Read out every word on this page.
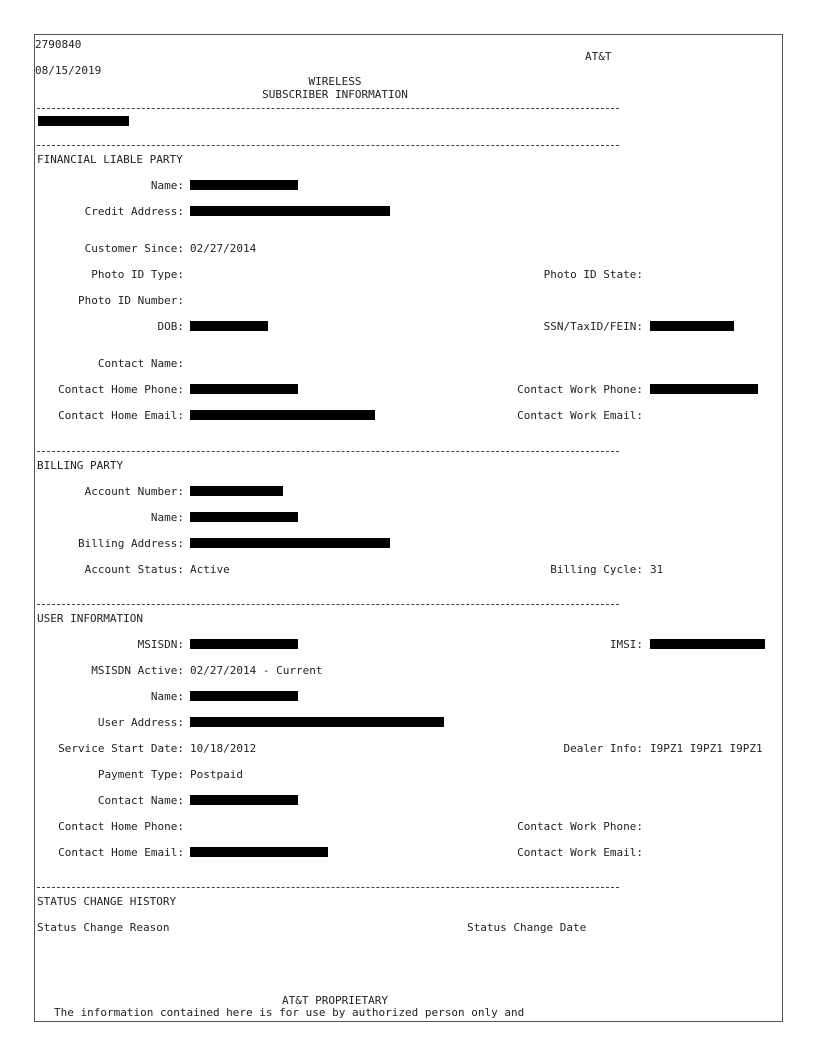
2790840
AT&T
08/15/2019
WIRELESS
SUBSCRIBER INFORMATION
FINANCIAL LIABLE PARTY
Name:
Credit Address:
Customer Since: 02/27/2014
Photo ID Type:	Photo ID State:
Photo ID Number:
DOB:	SSN/TaxID/FEIN:
Contact Name:
Contact Home Phone:	Contact Work Phone:
Contact Home Email:	Contact Work Email:
BILLING PARTY
Account Number:
Name:
Billing Address:
Account Status: Active	Billing Cycle: 31
USER INFORMATION
MSISDN:	IMSI:
MSISDN Active: 02/27/2014 - Current
Name:
User Address:
Service Start Date: 10/18/2012	Dealer Info: I9PZ1 I9PZ1 I9PZ1
Payment Type: Postpaid
Contact Name:
Contact Home Phone:	Contact Work Phone:
Contact Home Email:	Contact Work Email:
STATUS CHANGE HISTORY
Status Change Reason	Status Change Date
AT&T PROPRIETARY
The information contained here is for use by authorized person only and
